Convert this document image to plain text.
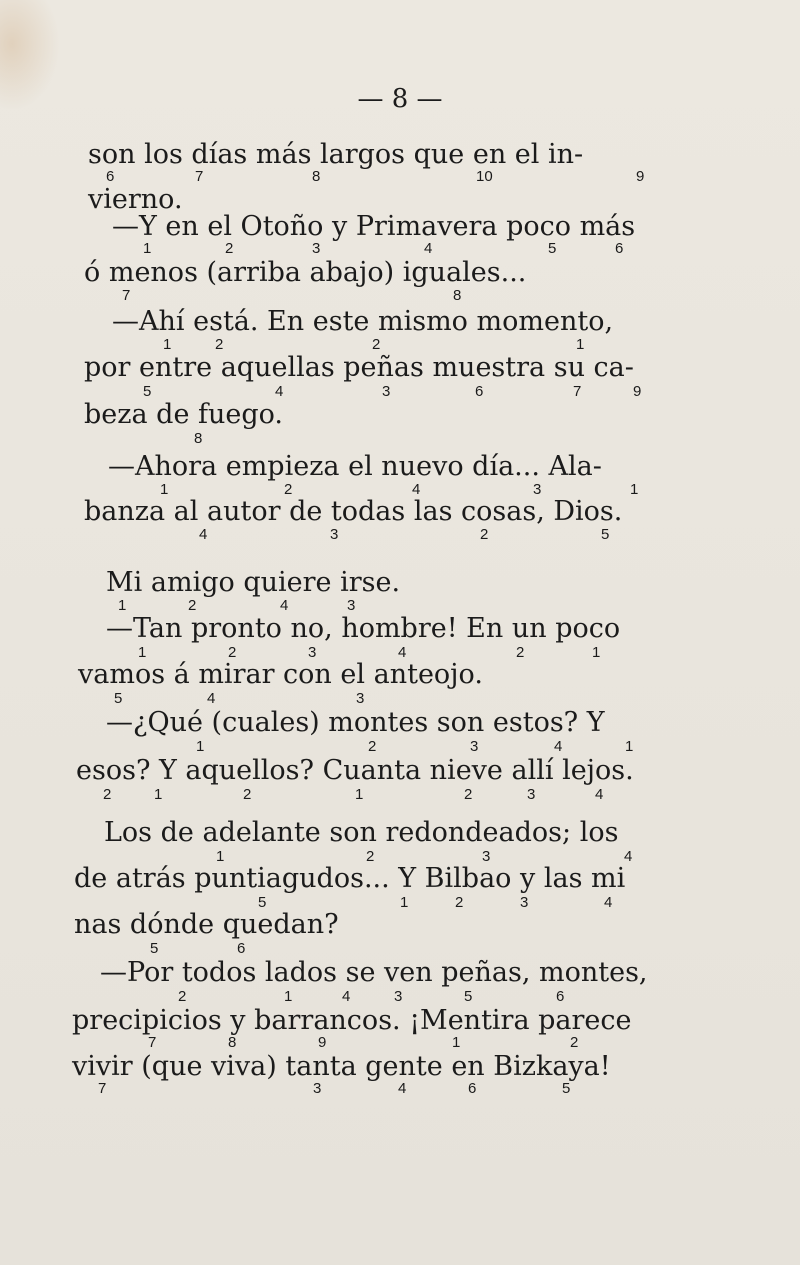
— 8 —
son los días más largos que en el in-
6	7	8	10	9
vierno.
—Y en el Otoño y Primavera poco más
1	2	3	4	5	6
ó menos (arriba abajo) iguales...
7	8
—Ahí está. En este mismo momento,
1	2	2	1
por entre aquellas peñas muestra su ca-
5	4	3	6	7	9
beza de fuego.
8
—Ahora empieza el nuevo día... Ala-
1	2	4	3	1
banza al autor de todas las cosas, Dios.
4	3	2	5
Mi amigo quiere irse.
1	2	4	3
—Tan pronto no, hombre! En un poco
1	2	3	4	2	1
vamos á mirar con el anteojo.
5	4	3
—¿Qué (cuales) montes son estos? Y
1	2	3	4	1
esos? Y aquellos? Cuanta nieve allí lejos.
2	1	2	1	2	3	4
Los de adelante son redondeados; los
1	2	3	4
de atrás puntiagudos... Y Bilbao y las mi
5	1	2	3	4
nas dónde quedan?
5	6
—Por todos lados se ven peñas, montes,
2	1	4	3	5	6
precipicios y barrancos. ¡Mentira parece
7	8	9	1	2
vivir (que viva) tanta gente en Bizkaya!
7	3	4	6	5
